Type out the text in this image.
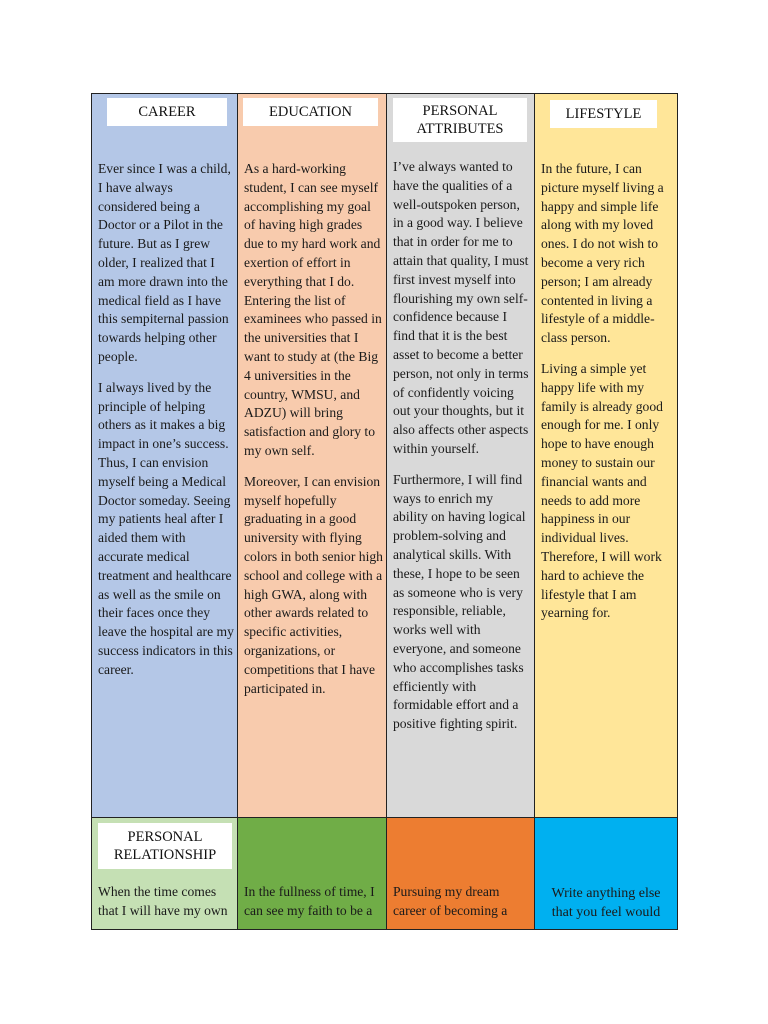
CAREER

Ever since I was a child, I have always considered being a Doctor or a Pilot in the future. But as I grew older, I realized that I am more drawn into the medical field as I have this sempiternal passion towards helping other people.

I always lived by the principle of helping others as it makes a big impact in one’s success. Thus, I can envision myself being a Medical Doctor someday. Seeing my patients heal after I aided them with accurate medical treatment and healthcare as well as the smile on their faces once they leave the hospital are my success indicators in this career.

EDUCATION

As a hard-working student, I can see myself accomplishing my goal of having high grades due to my hard work and exertion of effort in everything that I do. Entering the list of examinees who passed in the universities that I want to study at (the Big 4 universities in the country, WMSU, and ADZU) will bring satisfaction and glory to my own self.

Moreover, I can envision myself hopefully graduating in a good university with flying colors in both senior high school and college with a high GWA, along with other awards related to specific activities, organizations, or competitions that I have participated in.

PERSONAL
ATTRIBUTES

I’ve always wanted to have the qualities of a well-outspoken person, in a good way. I believe that in order for me to attain that quality, I must first invest myself into flourishing my own self-confidence because I find that it is the best asset to become a better person, not only in terms of confidently voicing out your thoughts, but it also affects other aspects within yourself.

Furthermore, I will find ways to enrich my ability on having logical problem-solving and analytical skills. With these, I hope to be seen as someone who is very responsible, reliable, works well with everyone, and someone who accomplishes tasks efficiently with formidable effort and a positive fighting spirit.

LIFESTYLE

In the future, I can picture myself living a happy and simple life along with my loved ones. I do not wish to become a very rich person; I am already contented in living a lifestyle of a middle-class person.

Living a simple yet happy life with my family is already good enough for me. I only hope to have enough money to sustain our financial wants and needs to add more happiness in our individual lives. Therefore, I will work hard to achieve the lifestyle that I am yearning for.

PERSONAL
RELATIONSHIP
When the time comes that I will have my own
In the fullness of time, I can see my faith to be a
Pursuing my dream career of becoming a
Write anything else that you feel would
